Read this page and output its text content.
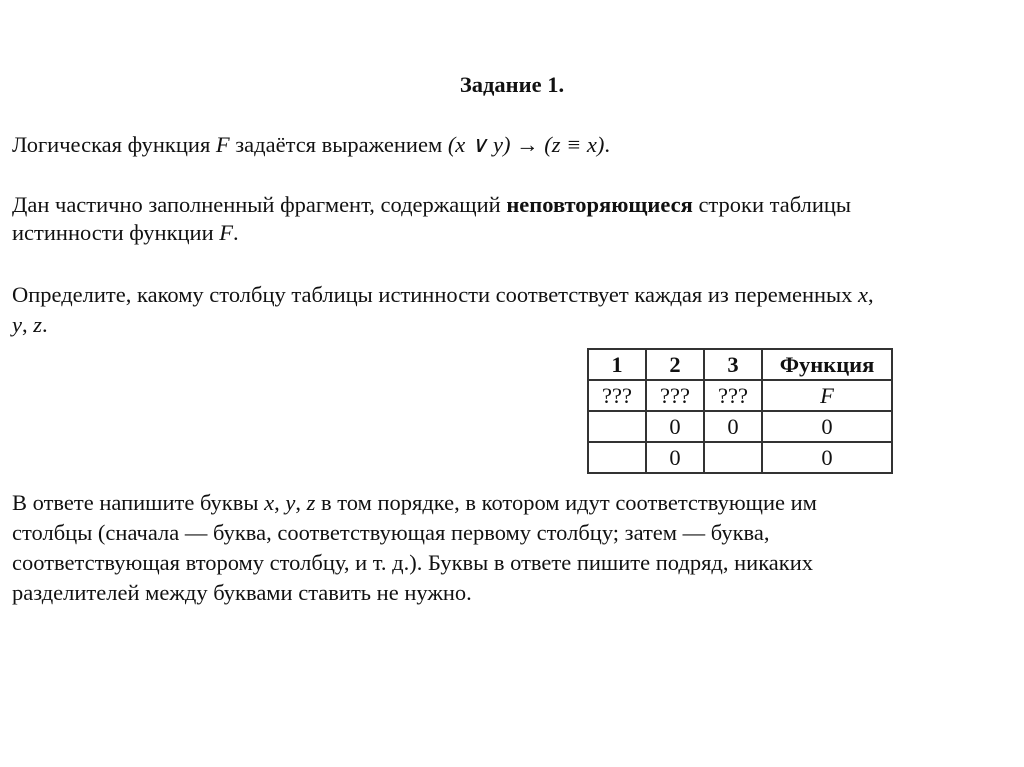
Задание 1.
Логическая функция F задаётся выражением (x ∨ y) → (z ≡ x).
Дан частично заполненный фрагмент, содержащий неповторяющиеся строки таблицы
истинности функции F.
Определите, какому столбцу таблицы истинности соответствует каждая из переменных x,
y, z.
1	2	3	Функция
???	???	???	F
	0	0	0
	0		0
В ответе напишите буквы x, y, z в том порядке, в котором идут соответствующие им
столбцы (сначала — буква, соответствующая первому столбцу; затем — буква,
соответствующая второму столбцу, и т. д.). Буквы в ответе пишите подряд, никаких
разделителей между буквами ставить не нужно.
